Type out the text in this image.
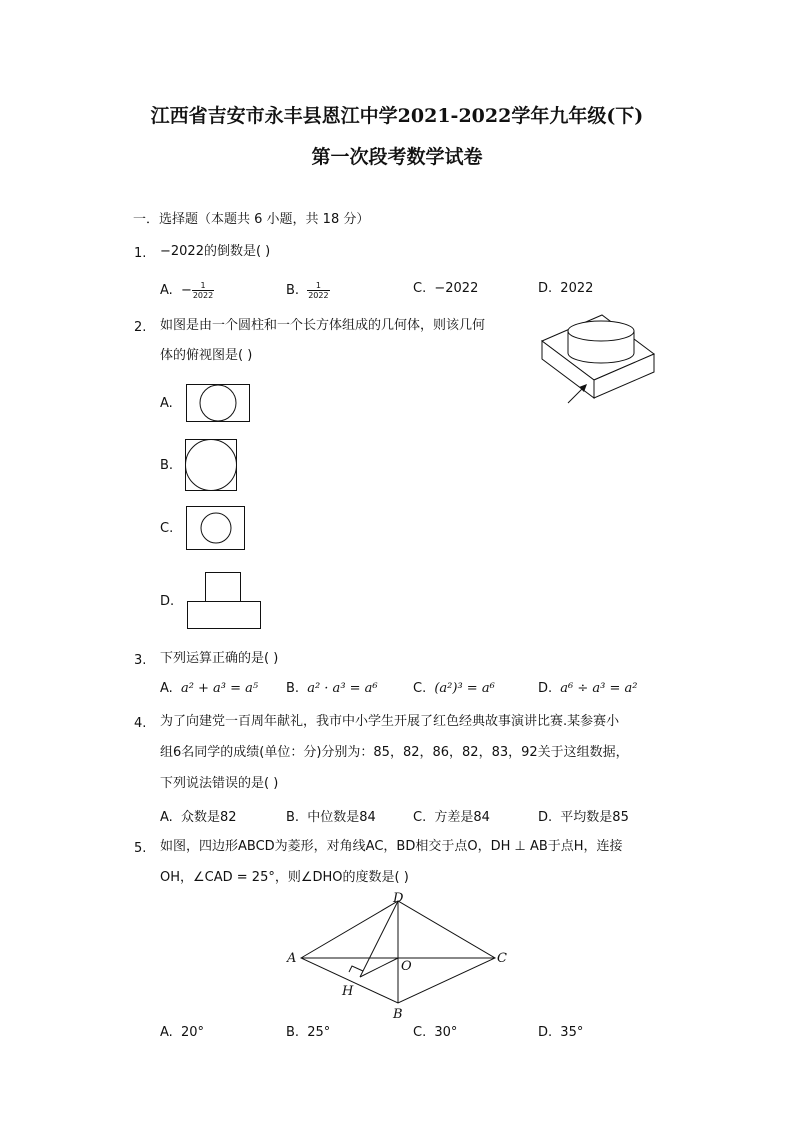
江西省吉安市永丰县恩江中学2021-2022学年九年级(下)
第一次段考数学试卷
一．选择题（本题共 6 小题，共 18 分）
1. −2022的倒数是( )
A. − $\frac{1}{2022}$	B. $\frac{1}{2022}$	C. −2022	D. 2022
2. 如图是由一个圆柱和一个长方体组成的几何体，则该几何
体的俯视图是( )
A.
B.
C.
D.
3. 下列运算正确的是( )
A. a² + a³ = a⁵ B. a² · a³ = a⁶	C. (a²)³ = a⁶	D. a⁶ ÷ a³ = a²
4. 为了向建党一百周年献礼，我市中小学生开展了红色经典故事演讲比赛.某参赛小
组6名同学的成绩(单位：分)分别为：85，82，86，82，83，92关于这组数据，
下列说法错误的是( )
A. 众数是82	B. 中位数是84	C. 方差是84	D. 平均数是85
5. 如图，四边形ABCD为菱形，对角线AC，BD相交于点O，DH ⊥ AB于点H，连接
OH，∠CAD = 25°，则∠DHO的度数是( )
A
B
C
D
O
H
A. 20°	B. 25°	C. 30°	D. 35°
